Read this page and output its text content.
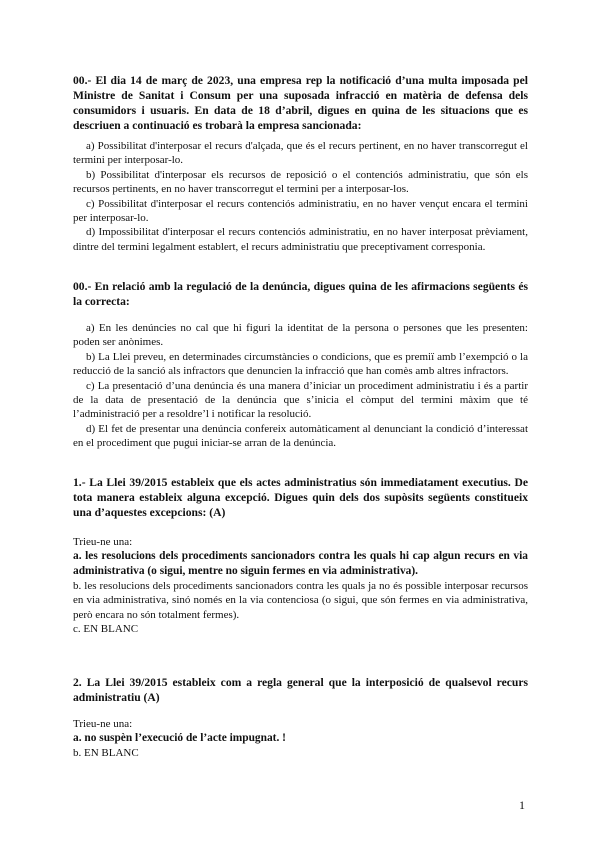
00.- El dia 14 de març de 2023, una empresa rep la notificació d’una multa imposada pel Ministre de Sanitat i Consum per una suposada infracció en matèria de defensa dels consumidors i usuaris. En data de 18 d’abril, digues en quina de les situacions que es descriuen a continuació es trobarà la empresa sancionada:

a) Possibilitat d'interposar el recurs d'alçada, que és el recurs pertinent, en no haver transcorregut el termini per interposar-lo.

b) Possibilitat d'interposar els recursos de reposició o el contenciós administratiu, que són els recursos pertinents, en no haver transcorregut el termini per a interposar-los.

c) Possibilitat d'interposar el recurs contenciós administratiu, en no haver vençut encara el termini per interposar-lo.

d) Impossibilitat d'interposar el recurs contenciós administratiu, en no haver interposat prèviament, dintre del termini legalment establert, el recurs administratiu que preceptivament corresponia.

00.- En relació amb la regulació de la denúncia, digues quina de les afirmacions següents és la correcta:

a) En les denúncies no cal que hi figuri la identitat de la persona o persones que les presenten: poden ser anònimes.

b) La Llei preveu, en determinades circumstàncies o condicions, que es premiï amb l’exempció o la reducció de la sanció als infractors que denuncien la infracció que han comès amb altres infractors.

c) La presentació d’una denúncia és una manera d’iniciar un procediment administratiu i és a partir de la data de presentació de la denúncia que s’inicia el còmput del termini màxim que té l’administració per a resoldre’l i notificar la resolució.

d) El fet de presentar una denúncia confereix automàticament al denunciant la condició d’interessat en el procediment que pugui iniciar-se arran de la denúncia.

1.- La Llei 39/2015 estableix que els actes administratius són immediatament executius. De tota manera estableix alguna excepció. Digues quin dels dos supòsits següents constitueix una d’aquestes excepcions: (A)

Trieu-ne una:

a. les resolucions dels procediments sancionadors contra les quals hi cap algun recurs en via administrativa (o sigui, mentre no siguin fermes en via administrativa).

b. les resolucions dels procediments sancionadors contra les quals ja no és possible interposar recursos en via administrativa, sinó només en la via contenciosa (o sigui, que són fermes en via administrativa, però encara no són totalment fermes).

c. EN BLANC

2. La Llei 39/2015 estableix com a regla general que la interposició de qualsevol recurs administratiu (A)

Trieu-ne una:

a. no suspèn l’execució de l’acte impugnat. !

b. EN BLANC

1
